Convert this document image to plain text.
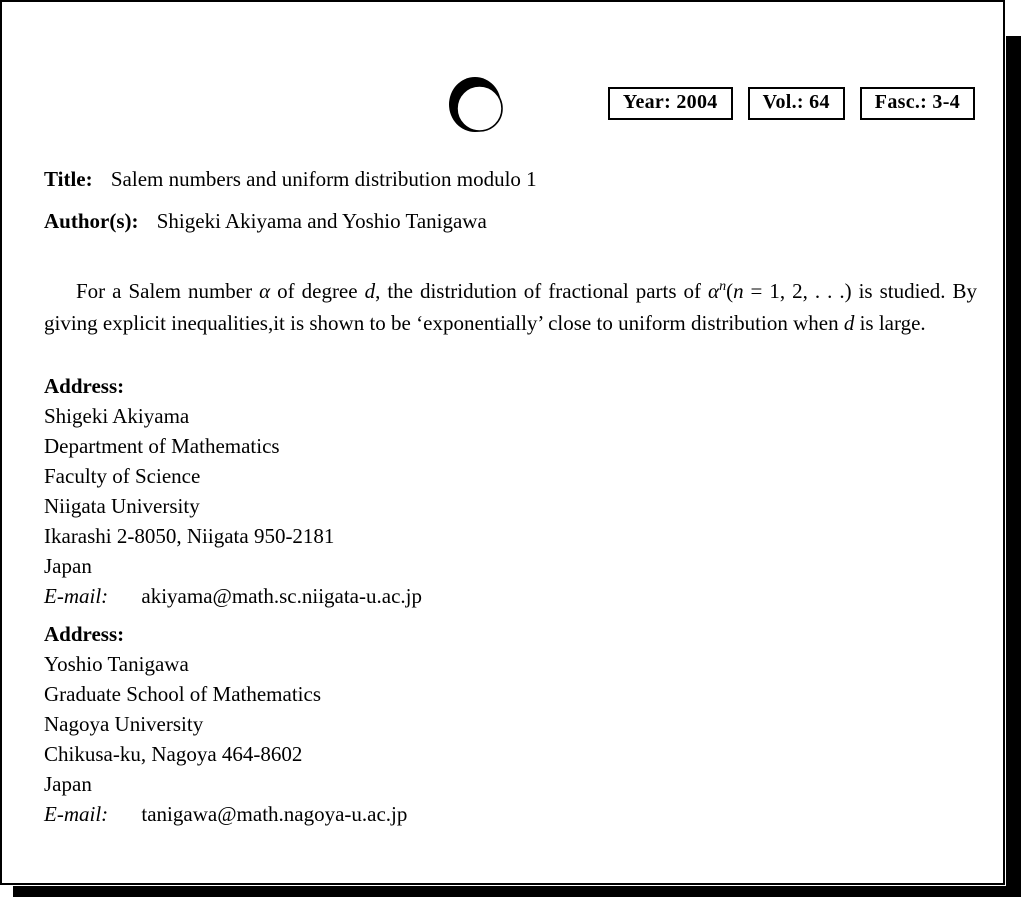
Year: 2004	Vol.: 64	Fasc.: 3-4

Title: Salem numbers and uniform distribution modulo 1

Author(s): Shigeki Akiyama and Yoshio Tanigawa

For a Salem number α of degree d, the distridution of fractional parts of $\alpha^n(n = 1$, 2, . . .) is studied. By giving explicit inequalities,it is shown to be ‘exponentially’ close to uniform distribution when d is large.

Address:

Shigeki Akiyama

Department of Mathematics

Faculty of Science

Niigata University

Ikarashi 2-8050, Niigata 950-2181

Japan

E-mail: akiyama@math.sc.niigata-u.ac.jp

Address:

Yoshio Tanigawa

Graduate School of Mathematics

Nagoya University

Chikusa-ku, Nagoya 464-8602

Japan

E-mail: tanigawa@math.nagoya-u.ac.jp
